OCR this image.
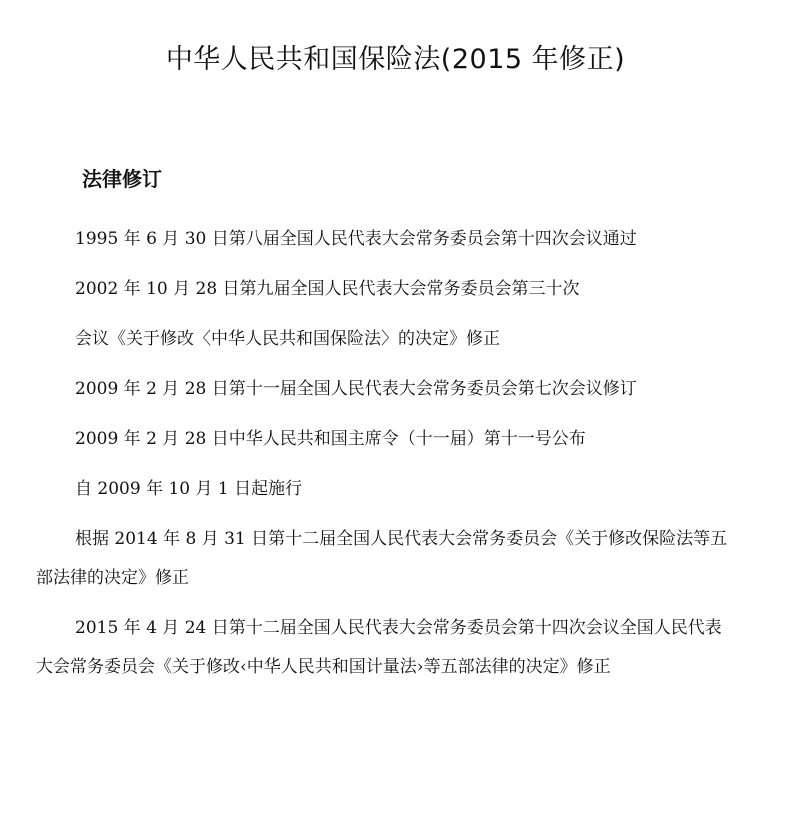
中华人民共和国保险法(2015 年修正)
法律修订

1995 年 6 月 30 日第八届全国人民代表大会常务委员会第十四次会议通过

2002 年 10 月 28 日第九届全国人民代表大会常务委员会第三十次

会议《关于修改〈中华人民共和国保险法〉的决定》修正

2009 年 2 月 28 日第十一届全国人民代表大会常务委员会第七次会议修订

2009 年 2 月 28 日中华人民共和国主席令（十一届）第十一号公布

自 2009 年 10 月 1 日起施行

根据 2014 年 8 月 31 日第十二届全国人民代表大会常务委员会《关于修改保险法等五部法律的决定》修正

2015 年 4 月 24 日第十二届全国人民代表大会常务委员会第十四次会议全国人民代表大会常务委员会《关于修改‹中华人民共和国计量法›等五部法律的决定》修正
